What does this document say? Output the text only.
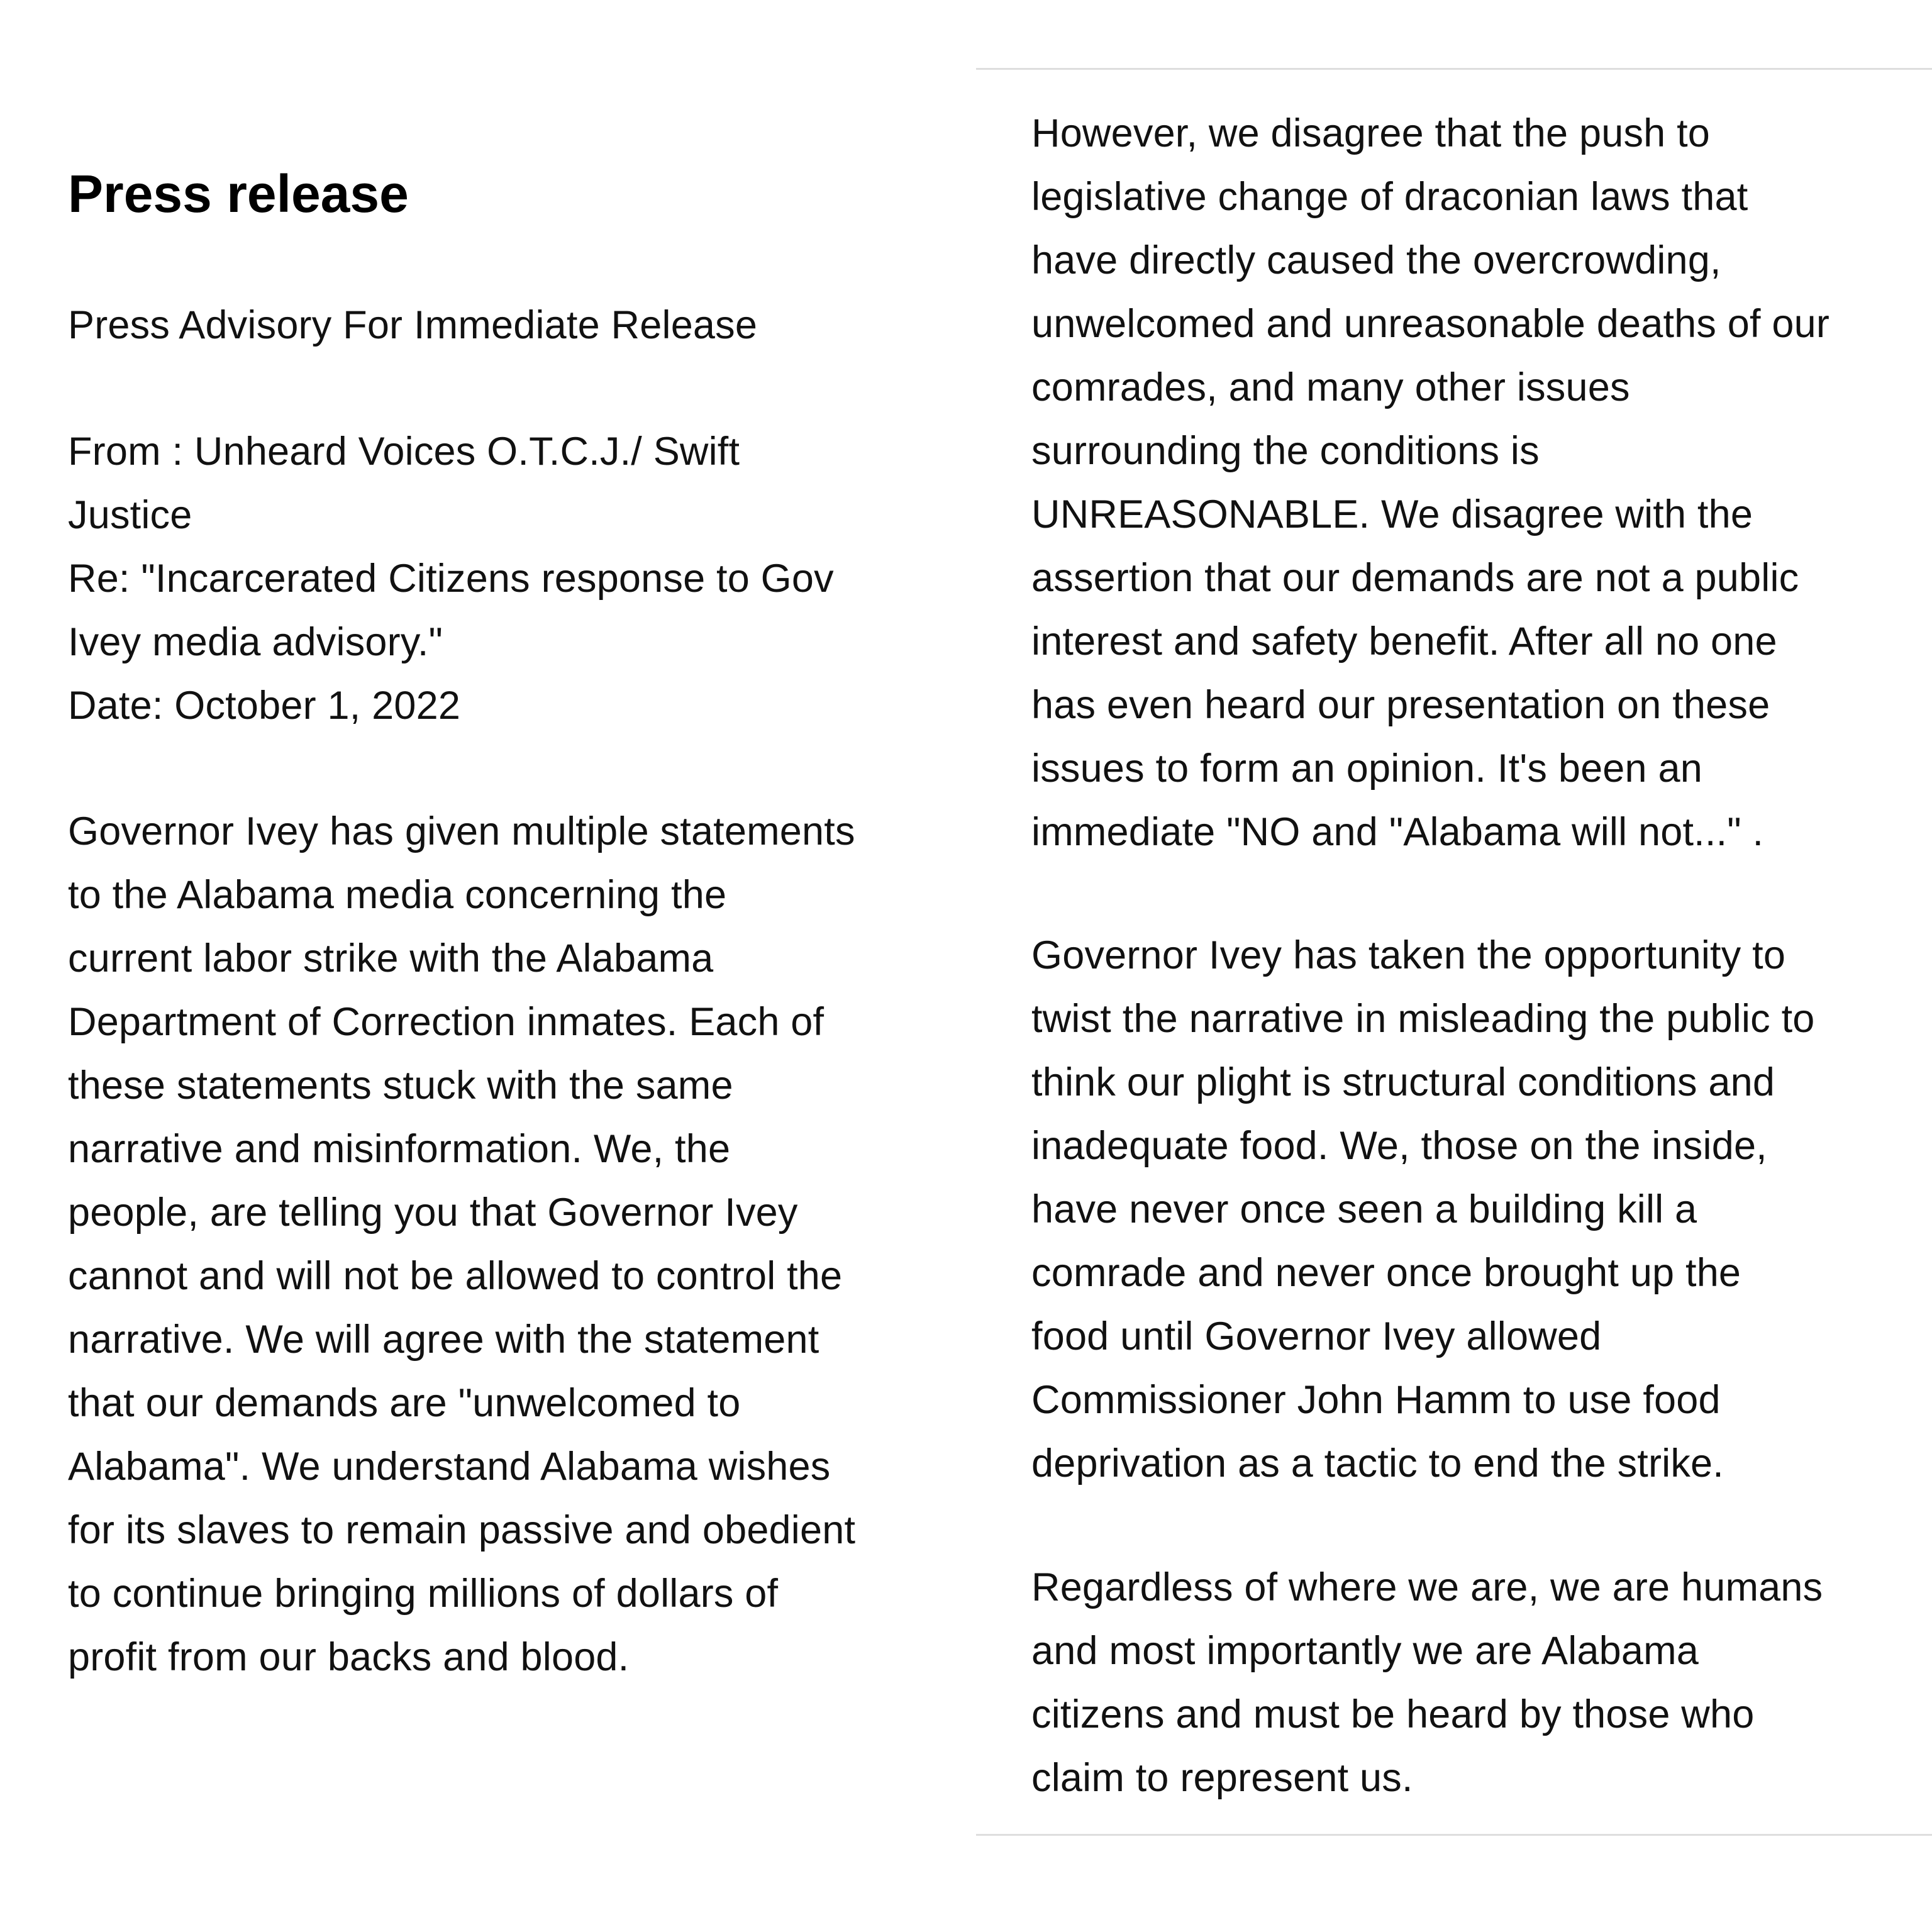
Press release
Press Advisory For Immediate Release
From : Unheard Voices O.T.C.J./ Swift
Justice
Re: "Incarcerated Citizens response to Gov
Ivey media advisory."
Date: October 1, 2022
Governor Ivey has given multiple statements
to the Alabama media concerning the
current labor strike with the Alabama
Department of Correction inmates. Each of
these statements stuck with the same
narrative and misinformation. We, the
people, are telling you that Governor Ivey
cannot and will not be allowed to control the
narrative. We will agree with the statement
that our demands are "unwelcomed to
Alabama". We understand Alabama wishes
for its slaves to remain passive and obedient
to continue bringing millions of dollars of
profit from our backs and blood.
However, we disagree that the push to
legislative change of draconian laws that
have directly caused the overcrowding,
unwelcomed and unreasonable deaths of our
comrades, and many other issues
surrounding the conditions is
UNREASONABLE. We disagree with the
assertion that our demands are not a public
interest and safety benefit. After all no one
has even heard our presentation on these
issues to form an opinion. It's been an
immediate "NO and "Alabama will not..." .
Governor Ivey has taken the opportunity to
twist the narrative in misleading the public to
think our plight is structural conditions and
inadequate food. We, those on the inside,
have never once seen a building kill a
comrade and never once brought up the
food until Governor Ivey allowed
Commissioner John Hamm to use food
deprivation as a tactic to end the strike.
Regardless of where we are, we are humans
and most importantly we are Alabama
citizens and must be heard by those who
claim to represent us.
